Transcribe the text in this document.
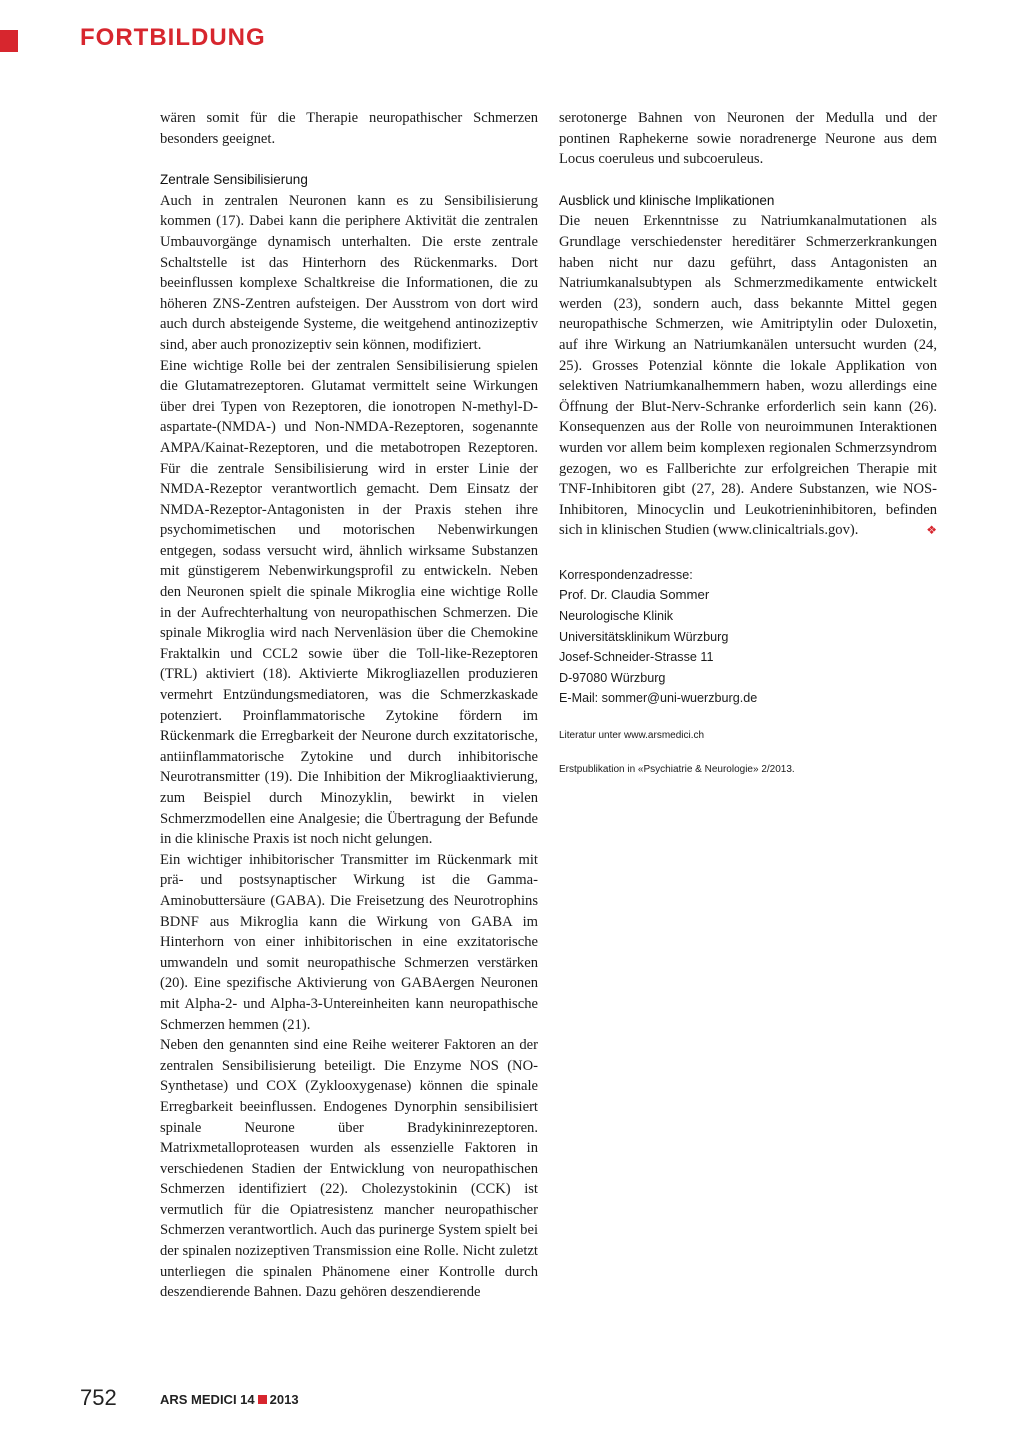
FORTBILDUNG

wären somit für die Therapie neuropathischer Schmerzen besonders geeignet.

Zentrale Sensibilisierung

Auch in zentralen Neuronen kann es zu Sensibilisierung kommen (17). Dabei kann die periphere Aktivität die zentralen Umbauvorgänge dynamisch unterhalten. Die erste zentrale Schaltstelle ist das Hinterhorn des Rückenmarks. Dort beeinflussen komplexe Schaltkreise die Informationen, die zu höheren ZNS-Zentren aufsteigen. Der Ausstrom von dort wird auch durch absteigende Systeme, die weitgehend antinozizeptiv sind, aber auch pronozizeptiv sein können, modifiziert.

Eine wichtige Rolle bei der zentralen Sensibilisierung spielen die Glutamatrezeptoren. Glutamat vermittelt seine Wirkungen über drei Typen von Rezeptoren, die ionotropen N-methyl-D-aspartate-(NMDA-) und Non-NMDA-Rezeptoren, sogenannte AMPA/Kainat-Rezeptoren, und die metabotropen Rezeptoren. Für die zentrale Sensibilisierung wird in erster Linie der NMDA-Rezeptor verantwortlich gemacht. Dem Einsatz der NMDA-Rezeptor-Antagonisten in der Praxis stehen ihre psychomimetischen und motorischen Nebenwirkungen entgegen, sodass versucht wird, ähnlich wirksame Substanzen mit günstigerem Nebenwirkungsprofil zu entwickeln. Neben den Neuronen spielt die spinale Mikroglia eine wichtige Rolle in der Aufrechterhaltung von neuropathischen Schmerzen. Die spinale Mikroglia wird nach Nervenläsion über die Chemokine Fraktalkin und CCL2 sowie über die Toll-like-Rezeptoren (TRL) aktiviert (18). Aktivierte Mikrogliazellen produzieren vermehrt Entzündungsmediatoren, was die Schmerzkaskade potenziert. Proinflammatorische Zytokine fördern im Rückenmark die Erregbarkeit der Neurone durch exzitatorische, antiinflammatorische Zytokine und durch inhibitorische Neurotransmitter (19). Die Inhibition der Mikrogliaaktivierung, zum Beispiel durch Minozyklin, bewirkt in vielen Schmerzmodellen eine Analgesie; die Übertragung der Befunde in die klinische Praxis ist noch nicht gelungen.

Ein wichtiger inhibitorischer Transmitter im Rückenmark mit prä- und postsynaptischer Wirkung ist die Gamma-Aminobuttersäure (GABA). Die Freisetzung des Neurotrophins BDNF aus Mikroglia kann die Wirkung von GABA im Hinterhorn von einer inhibitorischen in eine exzitatorische umwandeln und somit neuropathische Schmerzen verstärken (20). Eine spezifische Aktivierung von GABAergen Neuronen mit Alpha-2- und Alpha-3-Untereinheiten kann neuropathische Schmerzen hemmen (21).

Neben den genannten sind eine Reihe weiterer Faktoren an der zentralen Sensibilisierung beteiligt. Die Enzyme NOS (NO-Synthetase) und COX (Zyklooxygenase) können die spinale Erregbarkeit beeinflussen. Endogenes Dynorphin sensibilisiert spinale Neurone über Bradykininrezeptoren. Matrixmetalloproteasen wurden als essenzielle Faktoren in verschiedenen Stadien der Entwicklung von neuropathischen Schmerzen identifiziert (22). Cholezystokinin (CCK) ist vermutlich für die Opiatresistenz mancher neuropathischer Schmerzen verantwortlich. Auch das purinerge System spielt bei der spinalen nozizeptiven Transmission eine Rolle. Nicht zuletzt unterliegen die spinalen Phänomene einer Kontrolle durch deszendierende Bahnen. Dazu gehören deszendierende

serotonerge Bahnen von Neuronen der Medulla und der pontinen Raphekerne sowie noradrenerge Neurone aus dem Locus coeruleus und subcoeruleus.

Ausblick und klinische Implikationen

Die neuen Erkenntnisse zu Natriumkanalmutationen als Grundlage verschiedenster hereditärer Schmerzerkrankungen haben nicht nur dazu geführt, dass Antagonisten an Natriumkanalsubtypen als Schmerzmedikamente entwickelt werden (23), sondern auch, dass bekannte Mittel gegen neuropathische Schmerzen, wie Amitriptylin oder Duloxetin, auf ihre Wirkung an Natriumkanälen untersucht wurden (24, 25). Grosses Potenzial könnte die lokale Applikation von selektiven Natriumkanalhemmern haben, wozu allerdings eine Öffnung der Blut-Nerv-Schranke erforderlich sein kann (26). Konsequenzen aus der Rolle von neuroimmunen Interaktionen wurden vor allem beim komplexen regionalen Schmerzsyndrom gezogen, wo es Fallberichte zur erfolgreichen Therapie mit TNF-Inhibitoren gibt (27, 28). Andere Substanzen, wie NOS-Inhibitoren, Minocyclin und Leukotrieninhibitoren, befinden sich in klinischen Studien (www.clinicaltrials.gov).	❖

Korrespondenzadresse:
Prof. Dr. Claudia Sommer
Neurologische Klinik
Universitätsklinikum Würzburg
Josef-Schneider-Strasse 11
D-97080 Würzburg
E-Mail: sommer@uni-wuerzburg.de
Literatur unter www.arsmedici.ch
Erstpublikation in «Psychiatrie & Neurologie» 2/2013.
752	ARS MEDICI 14 2013
